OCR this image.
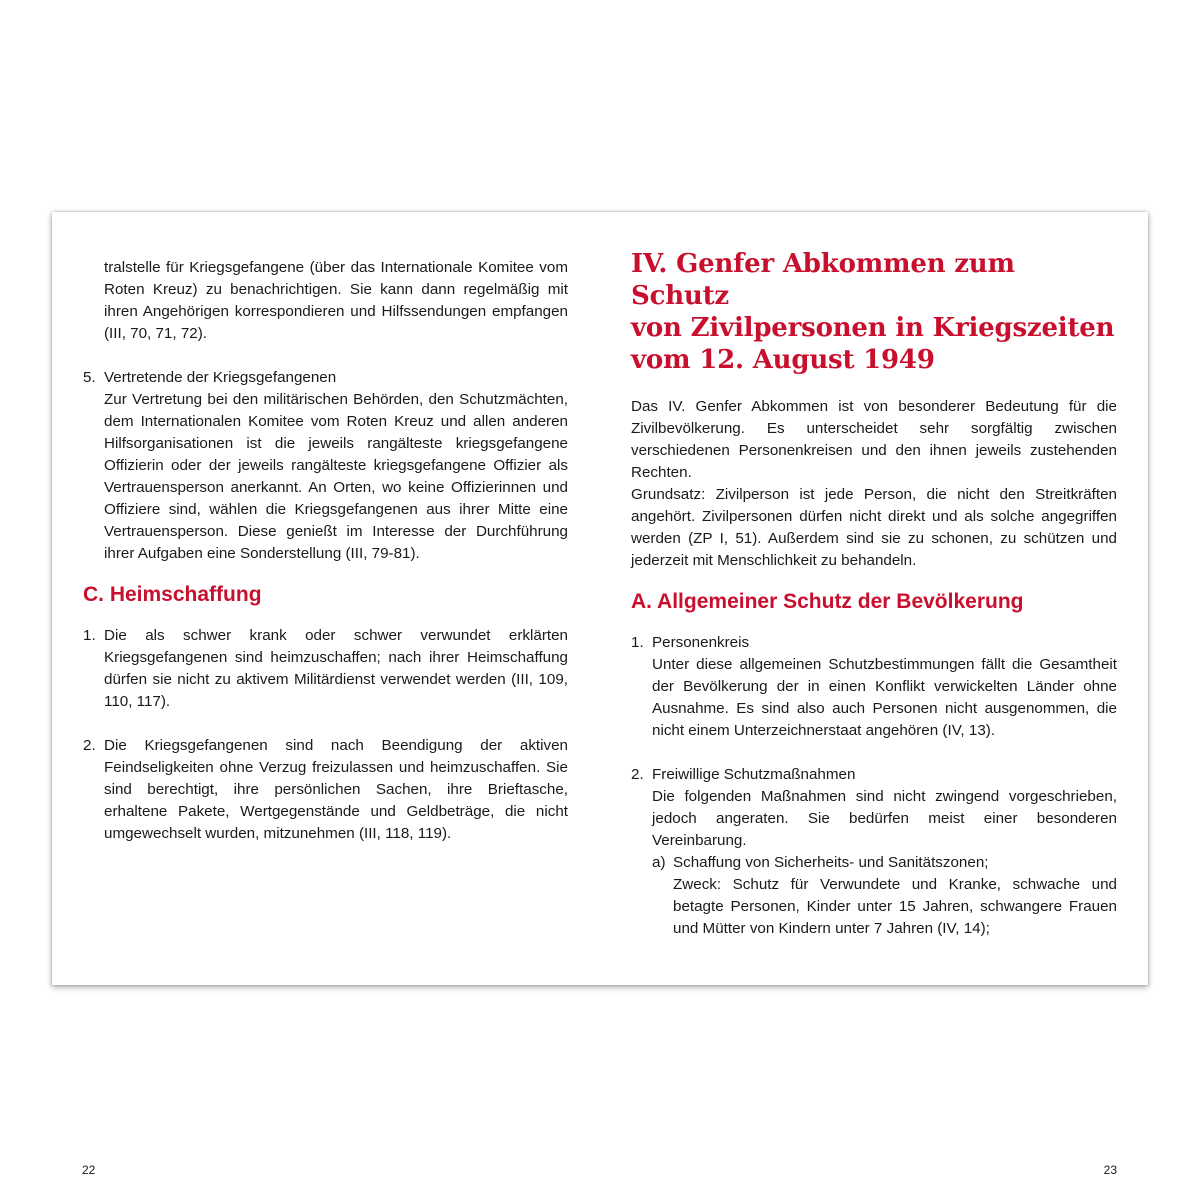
tralstelle für Kriegsgefangene (über das Internationale Komitee vom Roten Kreuz) zu benachrichtigen. Sie kann dann regelmäßig mit ihren Angehörigen korrespondieren und Hilfssendungen empfangen (III, 70, 71, 72).

5. Vertretende der Kriegsgefangenen

Zur Vertretung bei den militärischen Behörden, den Schutzmächten, dem Internationalen Komitee vom Roten Kreuz und allen anderen Hilfsorganisationen ist die jeweils rangälteste kriegsgefangene Offizierin oder der jeweils rangälteste kriegsgefangene Offizier als Vertrauensperson anerkannt. An Orten, wo keine Offizierinnen und Offiziere sind, wählen die Kriegsgefangenen aus ihrer Mitte eine Vertrauensperson. Diese genießt im Interesse der Durchführung ihrer Aufgaben eine Sonderstellung (III, 79-81).

C. Heimschaffung
1. Die als schwer krank oder schwer verwundet erklärten Kriegsgefangenen sind heimzuschaffen; nach ihrer Heimschaffung dürfen sie nicht zu aktivem Militärdienst verwendet werden (III, 109, 110, 117).

2. Die Kriegsgefangenen sind nach Beendigung der aktiven Feindseligkeiten ohne Verzug freizulassen und heimzuschaffen. Sie sind berechtigt, ihre persönlichen Sachen, ihre Brieftasche, erhaltene Pakete, Wertgegenstände und Geldbeträge, die nicht umgewechselt wurden, mitzunehmen (III, 118, 119).

22
IV. Genfer Abkommen zum Schutz
von Zivilpersonen in Kriegszeiten
vom 12. August 1949

Das IV. Genfer Abkommen ist von besonderer Bedeutung für die Zivilbevölkerung. Es unterscheidet sehr sorgfältig zwischen verschiedenen Personenkreisen und den ihnen jeweils zustehenden Rechten.

Grundsatz: Zivilperson ist jede Person, die nicht den Streitkräften angehört. Zivilpersonen dürfen nicht direkt und als solche angegriffen werden (ZP I, 51). Außerdem sind sie zu schonen, zu schützen und jederzeit mit Menschlichkeit zu behandeln.

A. Allgemeiner Schutz der Bevölkerung
1. Personenkreis

Unter diese allgemeinen Schutzbestimmungen fällt die Gesamtheit der Bevölkerung der in einen Konflikt verwickelten Länder ohne Ausnahme. Es sind also auch Personen nicht ausgenommen, die nicht einem Unterzeichnerstaat angehören (IV, 13).

2. Freiwillige Schutzmaßnahmen

Die folgenden Maßnahmen sind nicht zwingend vorgeschrieben, jedoch angeraten. Sie bedürfen meist einer besonderen Vereinbarung.

a) Schaffung von Sicherheits- und Sanitätszonen;

Zweck: Schutz für Verwundete und Kranke, schwache und betagte Personen, Kinder unter 15 Jahren, schwangere Frauen und Mütter von Kindern unter 7 Jahren (IV, 14);

23
